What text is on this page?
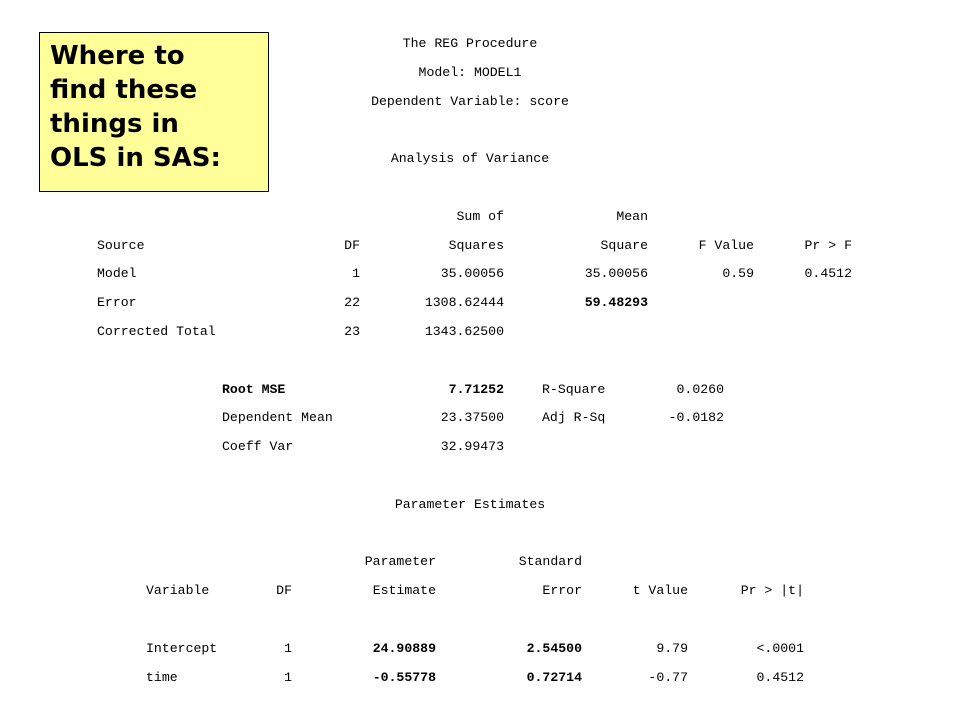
Where to
find these
things in
OLS in SAS:
The REG Procedure
Model: MODEL1
Dependent Variable: score
Analysis of Variance
Sum of	Mean
Source	DF	Squares	Square	F Value	Pr > F
Model	1	35.00056	35.00056	0.59	0.4512
Error	22	1308.62444	59.48293
Corrected Total	23	1343.62500
Root MSE	7.71252	R-Square	0.0260
Dependent Mean	23.37500	Adj R-Sq	-0.0182
Coeff Var	32.99473
Parameter Estimates
Parameter	Standard
Variable	DF	Estimate	Error	t Value	Pr > |t|
Intercept	1	24.90889	2.54500	9.79	<.0001
time	1	-0.55778	0.72714	-0.77	0.4512
